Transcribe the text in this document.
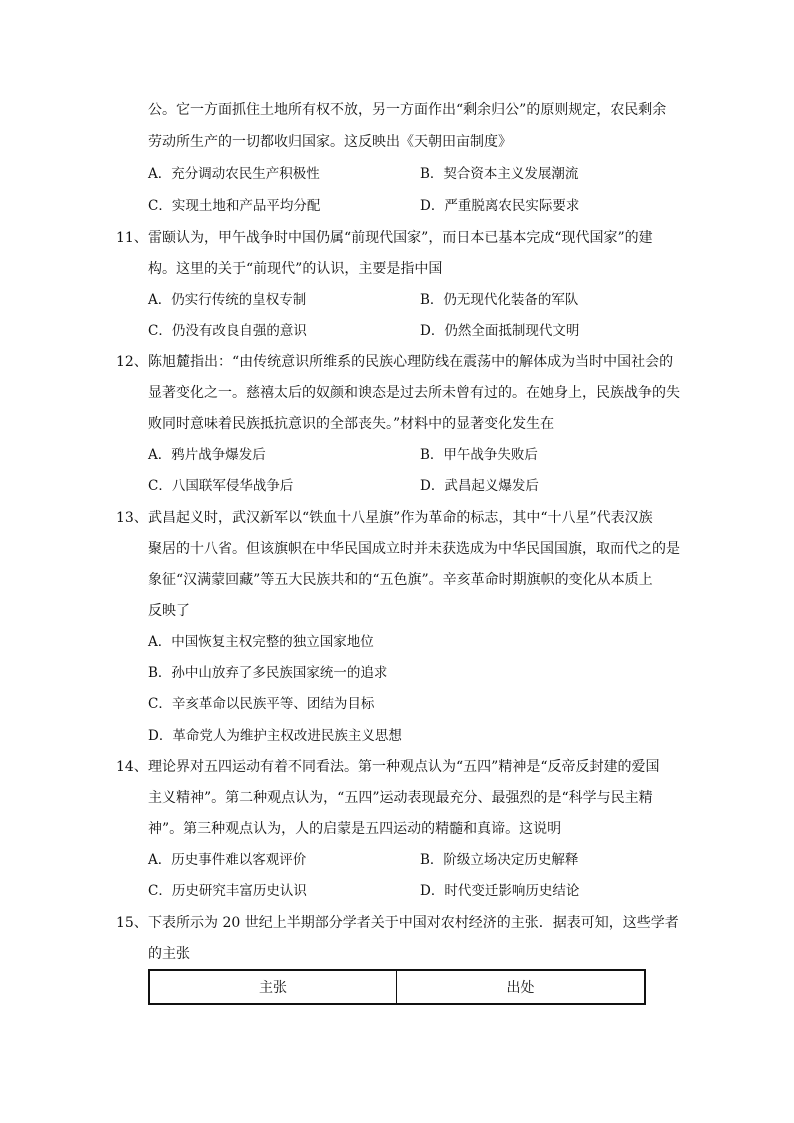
公。它一方面抓住土地所有权不放，另一方面作出“剩余归公”的原则规定，农民剩余
劳动所生产的一切都收归国家。这反映出《天朝田亩制度》
A．充分调动农民生产积极性	B．契合资本主义发展潮流
C．实现土地和产品平均分配	D．严重脱离农民实际要求
11、 雷颐认为，甲午战争时中国仍属“前现代国家”，而日本已基本完成“现代国家”的建
构。这里的关于“前现代”的认识，主要是指中国
A．仍实行传统的皇权专制	B．仍无现代化装备的军队
C．仍没有改良自强的意识	D．仍然全面抵制现代文明
12、 陈旭麓指出：“由传统意识所维系的民族心理防线在震荡中的解体成为当时中国社会的
显著变化之一。慈禧太后的奴颜和谀态是过去所未曾有过的。在她身上，民族战争的失
败同时意味着民族抵抗意识的全部丧失。”材料中的显著变化发生在
A．鸦片战争爆发后	B．甲午战争失败后
C．八国联军侵华战争后	D．武昌起义爆发后
13、 武昌起义时，武汉新军以“铁血十八星旗”作为革命的标志，其中“十八星”代表汉族
聚居的十八省。但该旗帜在中华民国成立时并未获选成为中华民国国旗，取而代之的是
象征“汉满蒙回藏”等五大民族共和的“五色旗”。辛亥革命时期旗帜的变化从本质上
反映了
A．中国恢复主权完整的独立国家地位
B．孙中山放弃了多民族国家统一的追求
C．辛亥革命以民族平等、团结为目标
D．革命党人为维护主权改进民族主义思想
14、 理论界对五四运动有着不同看法。第一种观点认为“五四”精神是“反帝反封建的爱国
主义精神”。第二种观点认为，“五四”运动表现最充分、最强烈的是“科学与民主精
神”。第三种观点认为，人的启蒙是五四运动的精髓和真谛。这说明
A．历史事件难以客观评价	B．阶级立场决定历史解释
C．历史研究丰富历史认识	D．时代变迁影响历史结论
15、 下表所示为 20 世纪上半期部分学者关于中国对农村经济的主张．据表可知，这些学者
的主张
主张	出处
